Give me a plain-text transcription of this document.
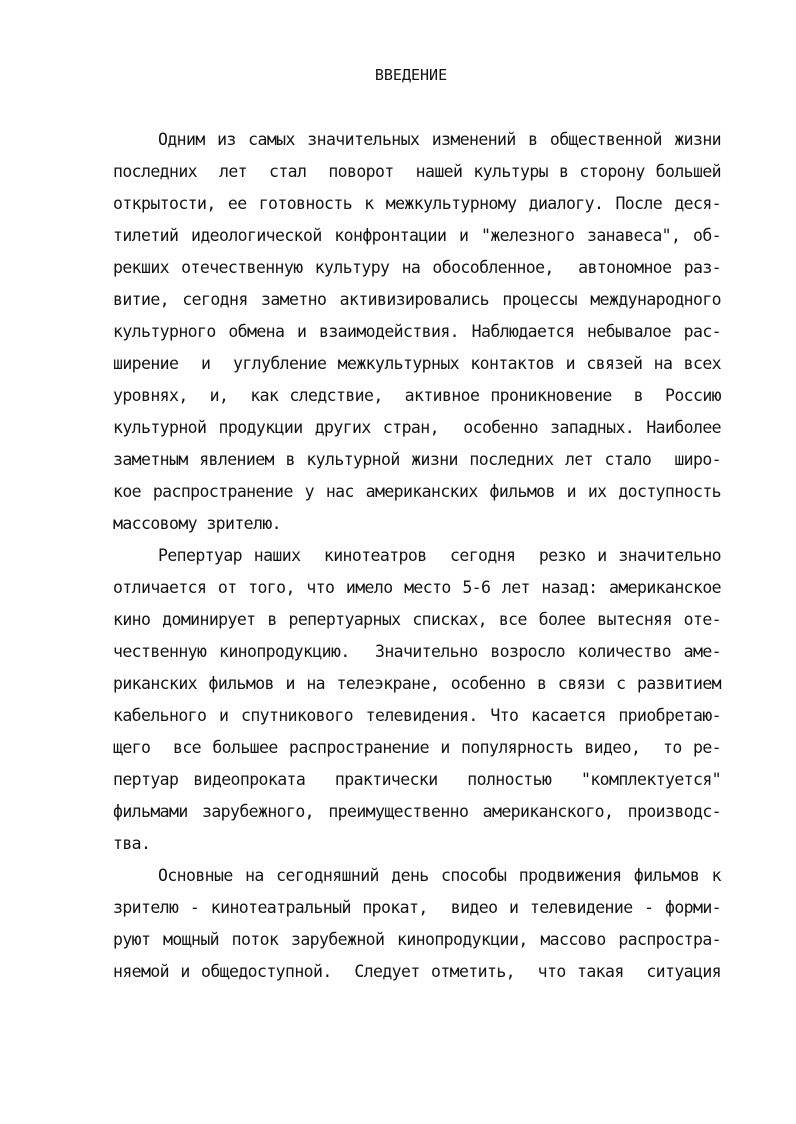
ВВЕДЕНИЕ
Одним из самых значительных изменений в общественной жизни
последних  лет  стал  поворот  нашей культуры в сторону большей
открытости, ее готовность к межкультурному диалогу. После деся-
тилетий идеологической конфронтации и "железного занавеса", об-
рекших отечественную культуру на обособленное,  автономное раз-
витие, сегодня заметно активизировались процессы международного
культурного обмена и взаимодействия. Наблюдается небывалое рас-
ширение  и  углубление межкультурных контактов и связей на всех
уровнях,  и,  как следствие,  активное проникновение  в  Россию
культурной продукции других стран,  особенно западных. Наиболее
заметным явлением в культурной жизни последних лет стало  широ-
кое распространение у нас американских фильмов и их доступность
массовому зрителю.
Репертуар наших  кинотеатров  сегодня  резко и значительно
отличается от того, что имело место 5-6 лет назад: американское
кино доминирует в репертуарных списках, все более вытесняя оте-
чественную кинопродукцию.  Значительно возросло количество аме-
риканских фильмов и на телеэкране, особенно в связи с развитием
кабельного и спутникового телевидения. Что касается приобретаю-
щего  все большее распространение и популярность видео,  то ре-
пертуар видеопроката  практически  полностью  "комплектуется"
фильмами зарубежного, преимущественно американского, производс-
тва.
Основные на сегодняшний день способы продвижения фильмов к
зрителю - кинотеатральный прокат,  видео и телевидение - форми-
руют мощный поток зарубежной кинопродукции, массово распростра-
няемой и общедоступной.  Следует отметить,  что такая  ситуация
